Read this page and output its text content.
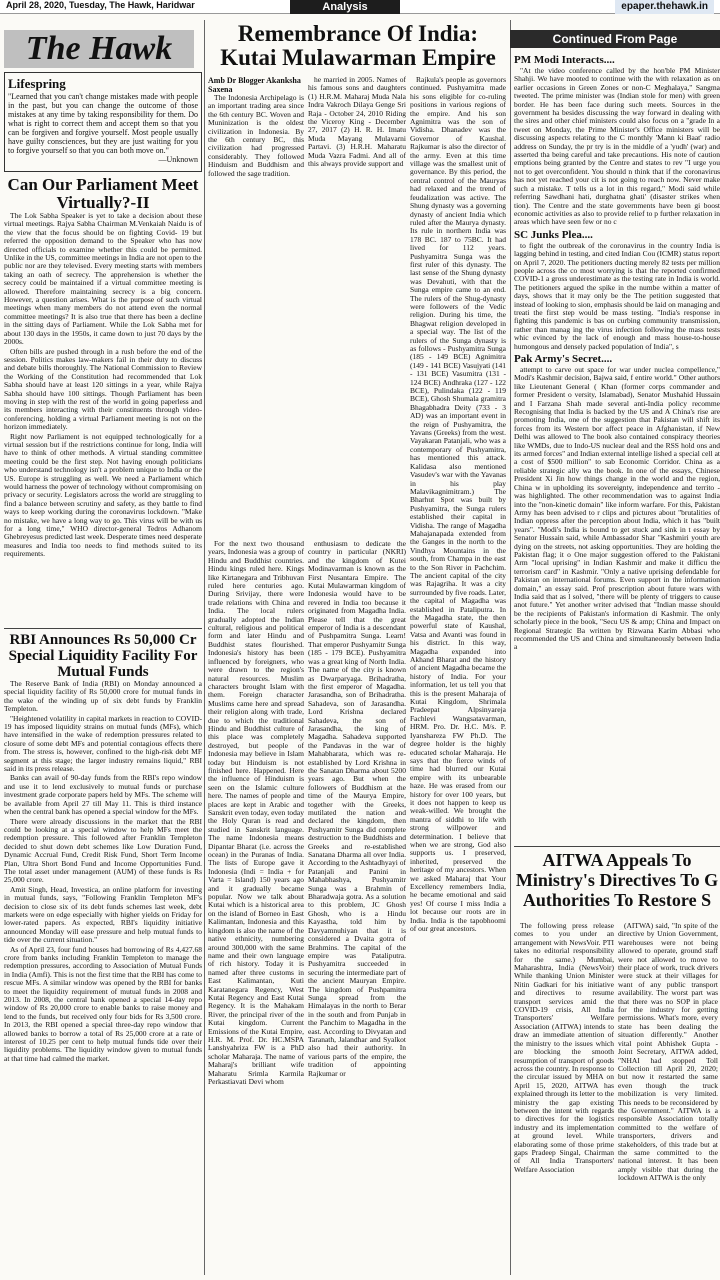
April 28, 2020, Tuesday, The Hawk, Haridwar	Analysis	epaper.thehawk.in
The Hawk
Lifespring
"Learned that you can't change mistakes made with people in the past, but you can change the outcome of those mistakes at any time by taking responsibility for them. Do what is right to correct them and accept them so that you can be forgiven and forgive yourself. Most people usually have guilty consciences, but they are just waiting for you to forgive yourself so that you can both move on."
—Unknown
Can Our Parliament Meet Virtually?-II

The Lok Sabha Speaker is yet to take a decision about these virtual meetings. Rajya Sabha Chairman M.Venkaiah Naidu is of the view that the focus should be on fighting Covid- 19 but referred the opposition demand to the Speaker who has now directed officials to examine whether this could be permitted. Unlike in the US, committee meetings in India are not open to the public nor are they televised. Every meeting starts with members taking an oath of secrecy. The apprehension is whether the secrecy could be maintained if a virtual committee meeting is allowed. Therefore maintaining secrecy is a big concern. However, a question arises. What is the purpose of such virtual meetings when many members do not attend even the normal committee meetings? It is also true that there has been a decline in the sitting days of Parliament. While the Lok Sabha met for about 130 days in the 1950s, it came down to just 70 days by the 2000s.

Often bills are pushed through in a rush before the end of the session. Politics makes law-makers fail in their duty to discuss and debate bills thoroughly. The National Commission to Review the Working of the Constitution had recommended that Lok Sabha should have at least 120 sittings in a year, while Rajya Sabha should have 100 sittings. Though Parliament has been moving in step with the rest of the world in going paperless and its members interacting with their constituents through video-conferencing, holding a virtual Parliament meeting is not on the horizon immediately.

Right now Parliament is not equipped technologically for a virtual session but if the restrictions continue for long, India will have to think of other methods. A virtual standing committee meeting could be the first step. Not having enough politicians who understand technology isn't a problem unique to India or the US. Europe is struggling as well. We need a Parliament which would harness the power of technology without compromising on privacy or security. Legislators across the world are struggling to find a balance between scrutiny and safety, as they battle to find ways to keep working during the coronavirus lockdown. "Make no mistake, we have a long way to go. This virus will be with us for a long time," WHO director-general Tedros Adhanom Ghebreyesus predicted last week. Desperate times need desperate measures and India too needs to find methods suited to its requirements.

RBI Announces Rs 50,000 Cr Special Liquidity Facility For Mutual Funds

The Reserve Bank of India (RBI) on Monday announced a special liquidity facility of Rs 50,000 crore for mutual funds in the wake of the winding up of six debt funds by Franklin Templeton.

"Heightened volatility in capital markets in reaction to COVID-19 has imposed liquidity strains on mutual funds (MFs), which have intensified in the wake of redemption pressures related to closure of some debt MFs and potential contagious effects there from. The stress is, however, confined to the high-risk debt MF segment at this stage; the larger industry remains liquid," RBI said in its press release.

Banks can avail of 90-day funds from the RBI's repo window and use it to lend exclusively to mutual funds or purchase investment grade corporate papers held by MFs. The scheme will be available from April 27 till May 11. This is third instance when the central bank has opened a special window for the MFs.

There were already discussions in the market that the RBI could be looking at a special window to help MFs meet the redemption pressure. This followed after Franklin Templeton decided to shut down debt schemes like Low Duration Fund, Dynamic Accrual Fund, Credit Risk Fund, Short Term Income Plan, Ultra Short Bond Fund and Income Opportunities Fund. The total asset under management (AUM) of these funds is Rs 25,000 crore.

Amit Singh, Head, Investica, an online platform for investing in mutual funds, says, "Following Franklin Templeton MF's decision to close six of its debt funds schemes last week, debt markets were on edge especially with higher yields on Friday for lower-rated papers. As expected, RBI's liquidity initiative announced Monday will ease pressure and help mutual funds to tide over the current situation."

As of April 23, four fund houses had borrowing of Rs 4,427.68 crore from banks including Franklin Templeton to manage the redemption pressures, according to Association of Mutual Funds in India (Amfi). This is not the first time that the RBI has come to rescue MFs. A similar window was opened by the RBI for banks to meet the liquidity requirement of mutual funds in 2008 and 2013. In 2008, the central bank opened a special 14-day repo window of Rs 20,000 crore to enable banks to raise money and lend to the funds, but received only four bids for Rs 3,500 crore. In 2013, the RBI opened a special three-day repo window that allowed banks to borrow a total of Rs 25,000 crore at a rate of interest of 10.25 per cent to help mutual funds tide over their liquidity problems. The liquidity window given to mutual funds at that time had calmed the market.

Remembrance Of India: Kutai Mulawarman Empire
Amb Dr Blogger Akanksha Saxena

The Indonesia Archipelago is an important trading area since the 6th century BC. Woven and Muninization is the oldest civilization in Indonesia. By the 6th century BC, this civilization had progressed considerably. They followed Hinduism and Buddhism and followed the sage tradition.

he married in 2005. Names of his famous sons and daughters (1) H.R.M. Maharaj Muda Nala Indra Vakroch Dilaya Genge Sri Raja - October 24, 2010 Riding the Viceroy King - December 27, 2017 (2) H. R. H. Imatu Muda Mayang Mulavarni Partavi. (3) H.R.H. Maharatu Muda Vazra Fadmi. And all of this always provide support and

For the next two thousand years, Indonesia was a group of Hindu and Buddhist countries. Hindu kings ruled here. Kings like Kirtanegara and Tribhuvan ruled here centuries ago. During Srivijay, there were trade relations with China and India. The local rulers gradually adopted the Indian cultural, religious and political form and later Hindu and Buddhist states flourished. Indonesia's history has been influenced by foreigners, who were drawn to the region's natural resources. Muslim characters brought Islam with them. Foreign character Muslims came here and spread their religion along with trade, due to which the traditional Hindu and Buddhist culture of this place was completely destroyed, but people of Indonesia may believe in Islam today but Hinduism is not finished here. Happened. Here the influence of Hinduism is seen on the Islamic culture here. The names of people and places are kept in Arabic and Sanskrit even today, even today the Holy Quran is read and studied in Sanskrit language. The name Indonesia means Dipantar Bharat (i.e. across the ocean) in the Puranas of India. The lists of Europe gave it Indonesia (Indi = India + for Varta = Island) 150 years ago and it gradually became popular. Now we talk about Kutai which is a historical area on the island of Borneo in East Kalimantan, Indonesia and this kingdom is also the name of the native ethnicity, numbering around 300,000 with the same name and their own language of rich history. Today it is named after three customs in East Kalimantan, Kuti Karatanegara Regency, West Kutai Regency and East Kutai Regency. It is the Mahakam River, the principal river of the Kutai kingdom. Current Emissions of the Kutai Empire, H.R. M. Prof. Dr. HC.MSPA Lanshyahriza FW is a PhD scholar Maharaja. The name of Maharaj's brilliant wife Maharatu Srimla Karmila Perkastiavati Devi whom

enthusiasm to dedicate the country in particular (NKRI) and the kingdom of Kutei Modinavarman is known as the First Nusantara Empire. The Kutai Mulawarman kingdom of Indonesia would have to be revered in India too because it originated from Magadha India. Please tell that the great emperor of India is a descendant of Pushpamitra Sunga. Learn! That emperor Pushyamitr Sunga (185 - 179 BCE). Pushyamitra was a great king of North India. The name of the city is known as Dwarparyaga. Brihadratha, the first emperor of Magadha. Jarasandha, son of Brihadratha. Sahadeva, son of Jarasandha. Lord Krishna declared Sahadeva, the son of Jarasandha, the king of Magadha. Sahadeva supported the Pandavas in the war of Mahabharata, which was re-established by Lord Krishna in the Sanatan Dharma about 5200 years ago. But when the followers of Buddhism at the time of the Maurya Empire, together with the Greeks, mutilated the nation and declared the kingdom, then Pushyamitr Sunga did complete destruction to the Buddhists and Greeks and re-established Sanatana Dharma all over India. According to the Ashtadhyayi of Patanjali and Panini in Mahabhashya, Pushyamitr Sunga was a Brahmin of Bharadwaja gotra. As a solution to this problem, JC Ghosh Ghosh, who is a Hindu Kayastha, told him by Davyamnuhiyan that it is considered a Dvaita gotra of Brahmins. The capital of the empire was Pataliputra. Pushyamitra succeeded in securing the intermediate part of the ancient Mauryan Empire. The kingdom of Pushpamitra Sunga spread from the Himalayas in the north to Berar in the south and from Punjab in the Panchim to Magadha in the east. According to Divyatan and Taranath, Jalandhar and Syalkot also had their authority. In various parts of the empire, the tradition of appointing Rajkumar or

Rajkula's people as governors continued. Pushyamitra made his sons eligible for co-ruling positions in various regions of the empire. And his son Agnimitra was the son of Vidisha. Dhanadev was the Governor of Kaushal. Rajkumar is also the director of the army. Even at this time village was the smallest unit of governance. By this period, the central control of the Mauryas had relaxed and the trend of feudalization was active. The Shung dynasty was a governing dynasty of ancient India which ruled after the Maurya dynasty. Its rule in northern India was 178 BC. 187 to 75BC. It had lived for 112 years. Pushyamitra Sunga was the first ruler of this dynasty. The last sense of the Shung dynasty was Devahuti, with that the Sunga empire came to an end. The rulers of the Shug-dynasty were followers of the Vedic religion. During his time, the Bhagwat religion developed in a special way. The list of the rulers of the Sunga dynasty is as follows - Pushyamitra Sunga (185 - 149 BCE) Agnimitra (149 - 141 BCE) Vasujyati (141 - 131 BCE) Vasumitra (131 - 124 BCE) Andhraka (127 - 122 BCE), Pulindaka (122 - 119 BCE), Ghosh Shumala gramitra Bhagabhadra Deity (733 - 3 AD) was an important event in the reign of Pushyamitra, the Yavans (Greeks) from the west. Vayakaran Patanjali, who was a contemporary of Pushyamitra, has mentioned this attack. Kalidasa also mentioned Vasudev's war with the Yavanas in his play Malavikagnimitram.) The Bharhut Spot was built by Pushyamitra, the Sunga rulers established their capital in Vidisha. The range of Magadha Mahajanapada extended from the Ganges in the north to the Vindhya Mountains in the south, from Champa in the east to the Son River in Pachchim. The ancient capital of the city was Rajagriha. It was a city surrounded by five roads. Later, the capital of Magadha was established in Pataliputra. In the Magadha state, the then powerful state of Kaushal, Vatsa and Avanti was found in his district. In this way, Magadha expanded into Akhand Bharat and the history of ancient Magadha became the history of India. For your information, let us tell you that this is the present Maharaja of Kutai Kingdom, Shrimala Pradeepat Alpsinyareja Fachlevi Wangsatavarman, HRM. Pro. Dr. H.C. M/s. P. Iyanshareza FW Ph.D. The degree holder is the highly educated scholar Maharaja. He says that the fierce winds of time had blurred our Kutai empire with its unbearable haze. He was erased from our history for over 100 years, but it does not happen to keep us weak-willed. We brought the mantra of siddhi to life with strong willpower and determination. I believe that when we are strong, God also supports us. I preserved, inherited, preserved the heritage of my ancestors. When we asked Maharaj that Your Excellency remembers India, he became emotional and said yes! Of course I miss India a lot because our roots are in India. India is the tapobhoomi of our great ancestors.

Continued From Page
PM Modi Interacts....

"At the video conference called by the hon'ble PM Minister Shahji. We have mooted to continue with the with relaxation as on earlier occasions in Green Zones or non-C Meghalaya," Sangma tweeted. The prime minister was (Indian stole for men) with green border. He has been face during such meets. Sources in the government ha besides discussing the way forward in dealing with the sires and other chief ministers could also focus on a "grade In a tweet on Monday, the Prime Minister's Office ministers will be discussing aspects relating to the C monthly 'Mann ki Baat' radio address on Sunday, the pr try is in the middle of a 'yudh' (war) and asserted tha being careful and take precautions. His note of caution emptions being granted by the Centre and states to rev "I urge you not to get overconfident. You should n think that if the coronavirus has not yet reached your cit is not going to reach now. Never make such a mistake. T tells us a lot in this regard," Modi said while referring Sawdhani hati, durghatna ghati' (disaster strikes when tion). The Centre and the state governments have been gi boost economic activities as also to provide relief to p further relaxation in areas which have seen few or no c

SC Junks Plea....

to fight the outbreak of the coronavirus in the country India is lagging behind in testing, and cited Indian Cou (ICMR) status report on April 7, 2020. The petitioners ducting merely 82 tests per million people across the co most worrying is that the reported confirmed COVID-1 a gross underestimate as the testing rate in India is world. The petitioners argued the spike in the numbe within a matter of days, shows that it may only be the The petition suggested that instead of looking to sion, emphasis should be laid on managing and treati the first step would be mass testing. "India's response in fighting this pandemic is bas on curbing community transmission, rather than manag ing the virus infection following the mass tests whic evinced by the lack of enough and mass house-to-house humongous and densely packed population of India", s

Pak Army's Secret....

attempt to carve out space for war under nuclea compellence," Modi's Kashmir decision, Bajwa said, f entire world." Other authors like Lieutenant General ( Khan (former corps commander and former President o versity, Islamabad), Senator Mushahid Hussain and I Farzana Shah made several anti-India policy recomme Recognising that India is backed by the US and A China's rise are promoting India, one of the suggestion that Pakistan will shift its forces from its Western bor affect peace in Afghanistan, if New Delhi was allowed to The book also contained conspiracy theories like WMDs, due to Indo-US nuclear deal and the RSS hold ons and its armed forces" and Indian external intellige lished a special cell at a cost of $500 million" to sab Economic Corridor. China as a reliable strategic ally wa the book. In one of the essays, Chinese President Xi Jin how things change in the world and the region, China w in upholding its sovereignty, independence and territo - was highlighted. The other recommendation was to against India into the "non-kinetic domain" like inform warfare. For this, Pakistan Army has been advised to r clips and pictures about "brutalities of Indian oppress after the perception about India, which it has "built years". "Modi's India is bound to get stuck and sink in t essay by Senator Hussain said, while Ambassador Shar "Kashmiri youth are dying on the streets, not asking opportunities. They are holding the Pakistan flag; it o One major suggestion offered to the Pakistani Arm "local uprising" in Indian Kashmir and make it difficu the terrorism card" in Kashmir. "Only a native uprising defendable for Pakistan on international forums. Even support in the information domain," an essay said. Prof prescription about future wars with India said that as l solved, "there will be plenty of triggers to cause anot future." Yet another writer advised that "Indian masse should be the recipients of Pakistan's information di Kashmir. The only scholarly piece in the book, "Secu US & amp; China and Impact on Regional Strategic Ba written by Rizwana Karim Abbasi who recommended the US and China and simultaneously between India a

AITWA Appeals To Ministry's Directives To G Authorities To Restore S

The following press release comes to you under an arrangement with NewsVoir. PTI takes no editorial responsibility for the same.) Mumbai, Maharashtra, India (NewsVoir) While thanking Union Minister Nitin Gadkari for his initiative and directives to resume transport services amid the COVID-19 crisis, All India Transporters' Welfare Association (AITWA) intends to draw an immediate attention of the ministry to the issues which are blocking the smooth resumption of transport of goods across the country. In response to the circular issued by MHA on April 15, 2020, AITWA has explained through its letter to the ministry the gap existing between the intent with regards to directives for the logistics industry and its implementation at ground level. While elaborating some of those prime gaps Pradeep Singal, Chairman of All India Transporters' Welfare Association

(AITWA) said, "In spite of the directive by Union Government, warehouses were not being allowed to operate, ground staff were not allowed to move to their place of work, truck drivers were stuck at their villages for want of any public transport availability. The worst part was that there was no SOP in place for the industry for getting permissions. What's more, every state has been dealing the situation differently." Another vital point Abhishek Gupta - Joint Secretary, AITWA added, "NHAI had stopped Toll Collection till April 20, 2020; but now it restarted the same even though the truck mobilization is very limited. This needs to be reconsidered by the Government." AITWA is a responsible Association totally committed to the welfare of transporters, drivers and stakeholders, of this trade but at the same committed to the national interest. It has been amply visible that during the lockdown AITWA is the only
